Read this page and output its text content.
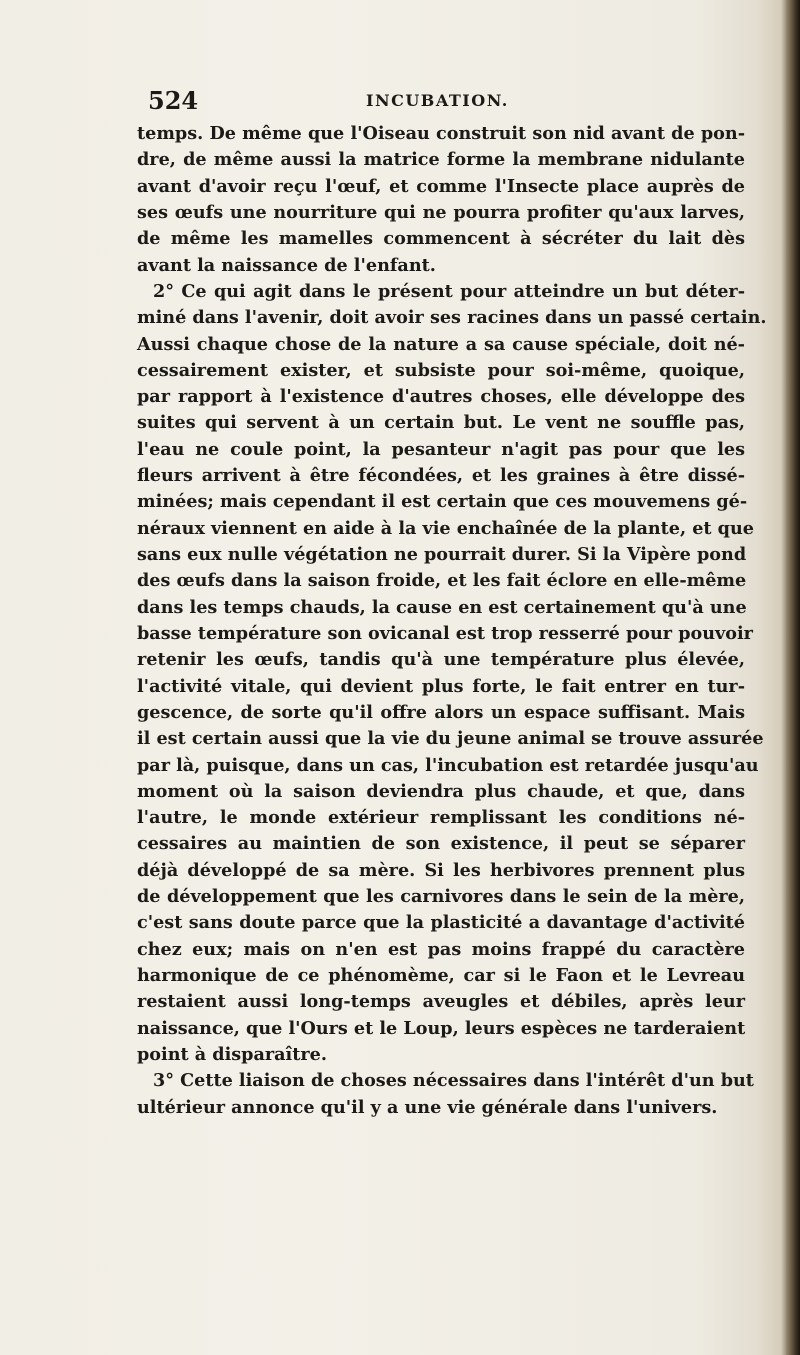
524	INCUBATION.
temps. De même que l'Oiseau construit son nid avant de pon-
dre, de même aussi la matrice forme la membrane nidulante
avant d'avoir reçu l'œuf, et comme l'Insecte place auprès de
ses œufs une nourriture qui ne pourra profiter qu'aux larves,
de même les mamelles commencent à sécréter du lait dès
avant la naissance de l'enfant.
2° Ce qui agit dans le présent pour atteindre un but déter-
miné dans l'avenir, doit avoir ses racines dans un passé certain.
Aussi chaque chose de la nature a sa cause spéciale, doit né-
cessairement exister, et subsiste pour soi-même, quoique,
par rapport à l'existence d'autres choses, elle développe des
suites qui servent à un certain but. Le vent ne souffle pas,
l'eau ne coule point, la pesanteur n'agit pas pour que les
fleurs arrivent à être fécondées, et les graines à être dissé-
minées; mais cependant il est certain que ces mouvemens gé-
néraux viennent en aide à la vie enchaînée de la plante, et que
sans eux nulle végétation ne pourrait durer. Si la Vipère pond
des œufs dans la saison froide, et les fait éclore en elle-même
dans les temps chauds, la cause en est certainement qu'à une
basse température son ovicanal est trop resserré pour pouvoir
retenir les œufs, tandis qu'à une température plus élevée,
l'activité vitale, qui devient plus forte, le fait entrer en tur-
gescence, de sorte qu'il offre alors un espace suffisant. Mais
il est certain aussi que la vie du jeune animal se trouve assurée
par là, puisque, dans un cas, l'incubation est retardée jusqu'au
moment où la saison deviendra plus chaude, et que, dans
l'autre, le monde extérieur remplissant les conditions né-
cessaires au maintien de son existence, il peut se séparer
déjà développé de sa mère. Si les herbivores prennent plus
de développement que les carnivores dans le sein de la mère,
c'est sans doute parce que la plasticité a davantage d'activité
chez eux; mais on n'en est pas moins frappé du caractère
harmonique de ce phénomème, car si le Faon et le Levreau
restaient aussi long-temps aveugles et débiles, après leur
naissance, que l'Ours et le Loup, leurs espèces ne tarderaient
point à disparaître.
3° Cette liaison de choses nécessaires dans l'intérêt d'un but
ultérieur annonce qu'il y a une vie générale dans l'univers.
